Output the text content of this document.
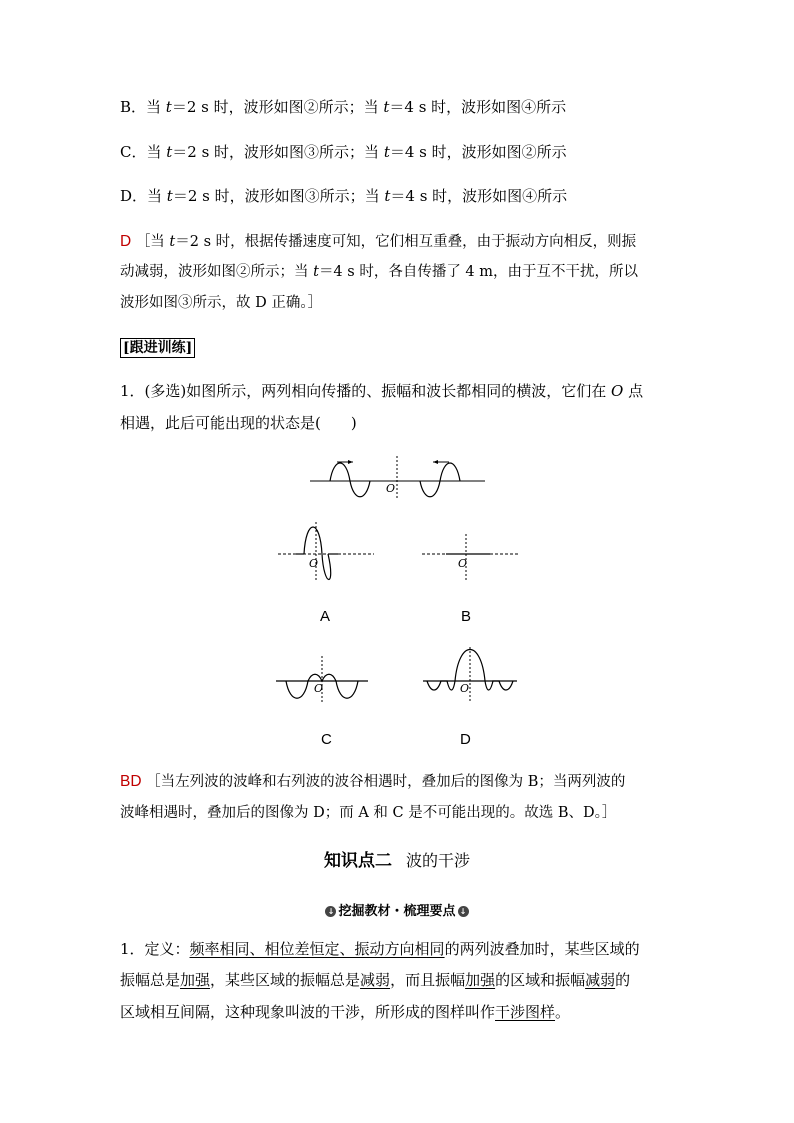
B．当 t＝2 s 时，波形如图②所示；当 t＝4 s 时，波形如图④所示
C．当 t＝2 s 时，波形如图③所示；当 t＝4 s 时，波形如图②所示
D．当 t＝2 s 时，波形如图③所示；当 t＝4 s 时，波形如图④所示
D ［当 t＝2 s 时，根据传播速度可知，它们相互重叠，由于振动方向相反，则振
动减弱，波形如图②所示；当 t＝4 s 时，各自传播了 4 m，由于互不干扰，所以
波形如图③所示，故 D 正确。］
[跟进训练]
1．(多选)如图所示，两列相向传播的、振幅和波长都相同的横波，它们在 O 点
相遇，此后可能出现的状态是(　　)
O
O
A
O
B
O
C
O
D
BD ［当左列波的波峰和右列波的波谷相遇时，叠加后的图像为 B；当两列波的
波峰相遇时，叠加后的图像为 D；而 A 和 C 是不可能出现的。故选 B、D。］
知识点二 波的干涉
↓ 挖掘教材・梳理要点 ↓
1．定义：频率相同、相位差恒定、振动方向相同的两列波叠加时，某些区域的
振幅总是加强，某些区域的振幅总是减弱，而且振幅加强的区域和振幅减弱的
区域相互间隔，这种现象叫波的干涉，所形成的图样叫作干涉图样。
